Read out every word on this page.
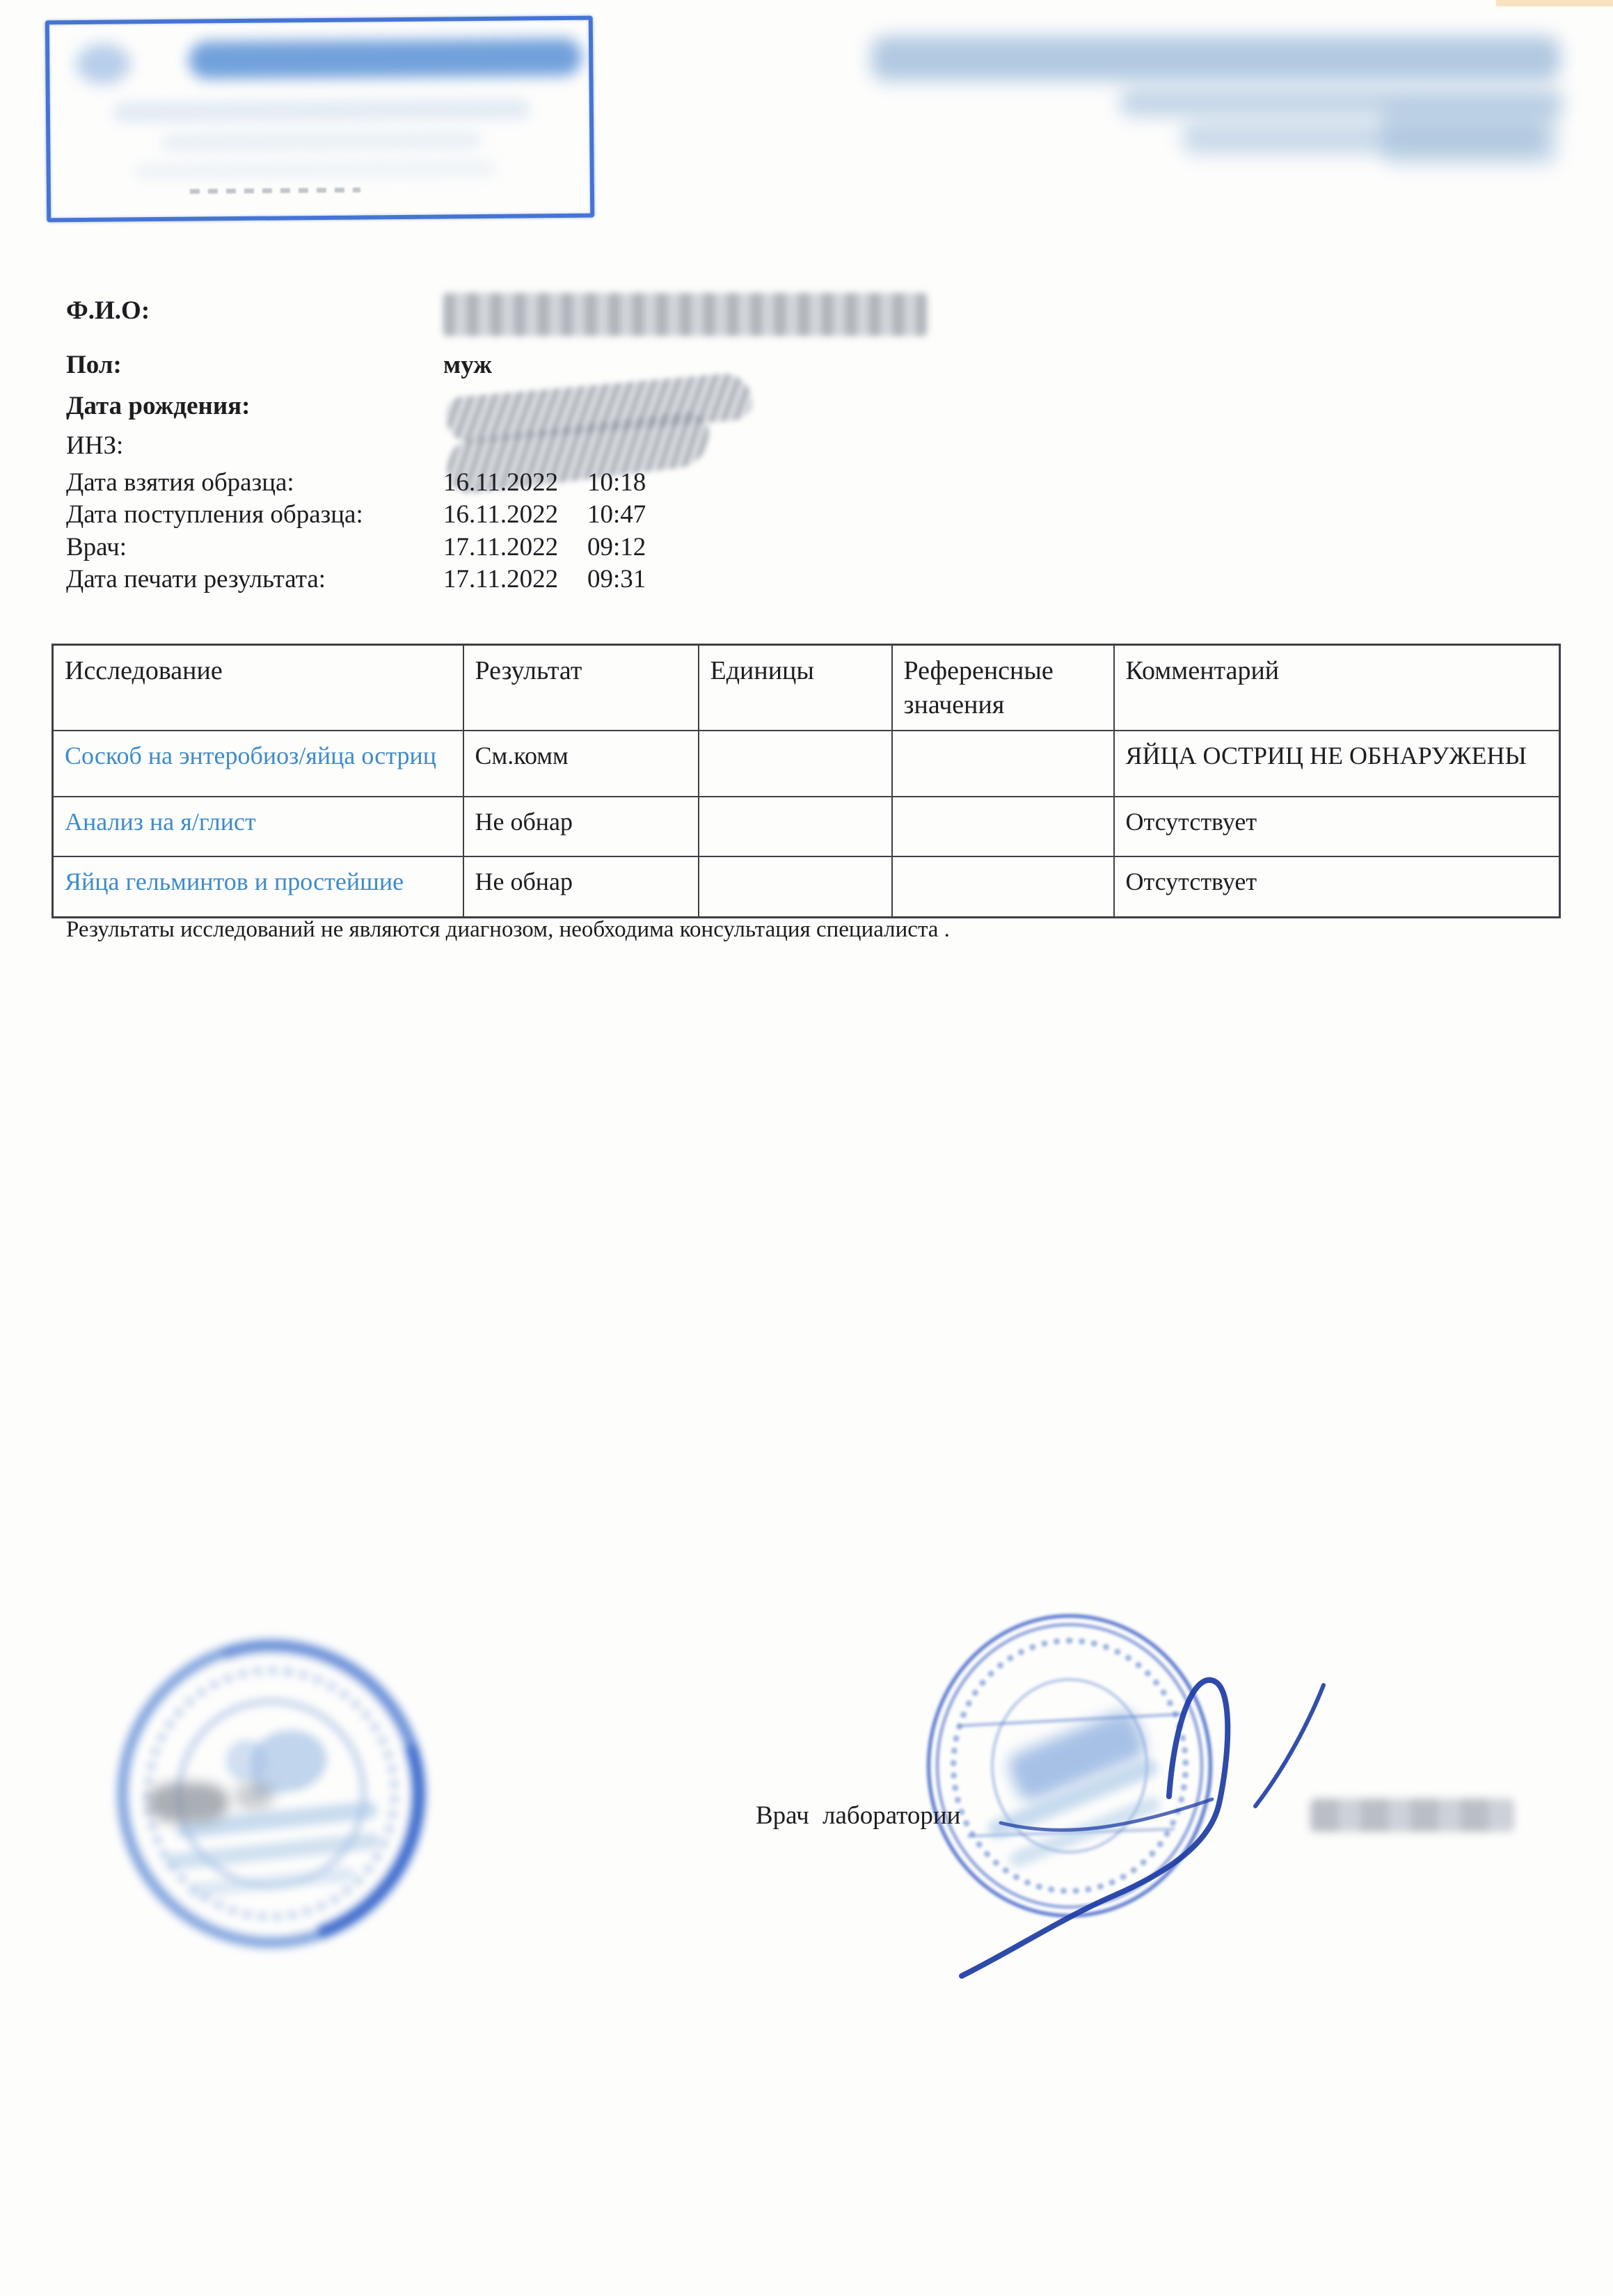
Ф.И.О:
Пол:	муж
Дата рождения:
ИНЗ:
Дата взятия образца:	16.11.2022 10:18
Дата поступления образца:	16.11.2022 10:47
Врач:	17.11.2022 09:12
Дата печати результата:	17.11.2022 09:31
Исследование	Результат	Единицы	Референсные значения	Комментарий
Соскоб на энтеробиоз/яйца остриц	См.комм			ЯЙЦА ОСТРИЦ НЕ ОБНАРУЖЕНЫ
Анализ на я/глист	Не обнар			Отсутствует
Яйца гельминтов и простейшие	Не обнар			Отсутствует

Результаты исследований не являются диагнозом, необходима консультация специалиста .

Врач лаборатории
